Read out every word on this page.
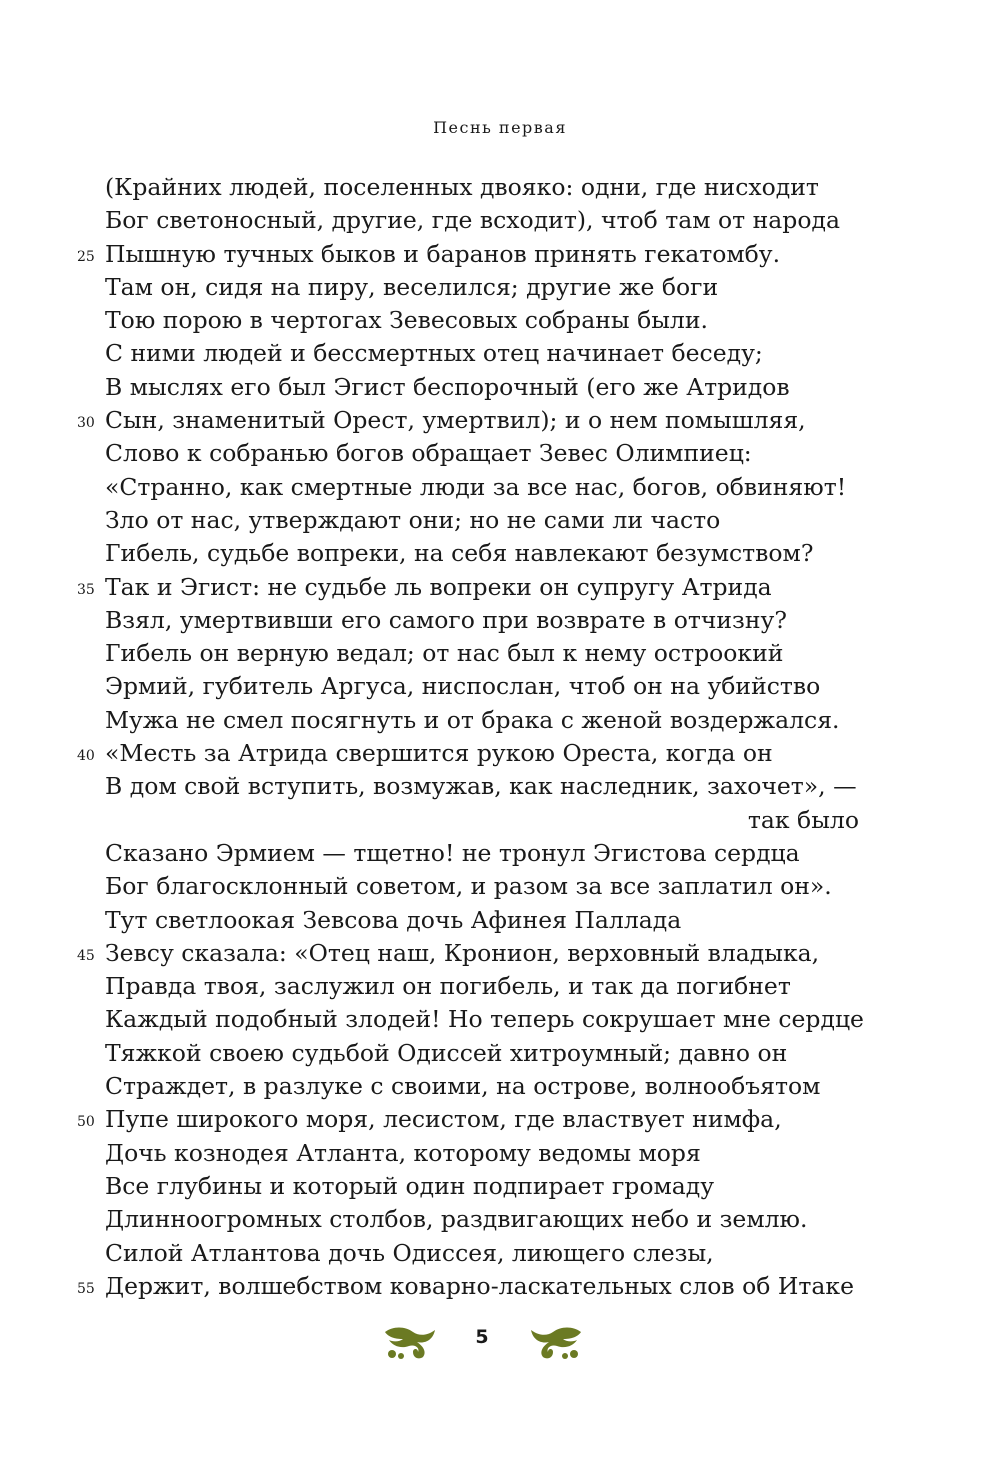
Песнь первая
(Крайних людей, поселенных двояко: одни, где нисходит
Бог светоносный, другие, где всходит), чтоб там от народа
25 Пышную тучных быков и баранов принять гекатомбу.
Там он, сидя на пиру, веселился; другие же боги
Тою порою в чертогах Зевесовых собраны были.
С ними людей и бессмертных отец начинает беседу;
В мыслях его был Эгист беспорочный (его же Атридов
30 Сын, знаменитый Орест, умертвил); и о нем помышляя,
Слово к собранью богов обращает Зевес Олимпиец:
«Странно, как смертные люди за все нас, богов, обвиняют!
Зло от нас, утверждают они; но не сами ли часто
Гибель, судьбе вопреки, на себя навлекают безумством?
35 Так и Эгист: не судьбе ль вопреки он супругу Атрида
Взял, умертвивши его самого при возврате в отчизну?
Гибель он верную ведал; от нас был к нему остроокий
Эрмий, губитель Аргуса, ниспослан, чтоб он на убийство
Мужа не смел посягнуть и от брака с женой воздержался.
40 «Месть за Атрида свершится рукою Ореста, когда он
В дом свой вступить, возмужав, как наследник, захочет», —
так было
Сказано Эрмием — тщетно! не тронул Эгистова сердца
Бог благосклонный советом, и разом за все заплатил он».
Тут светлоокая Зевсова дочь Афинея Паллада
45 Зевсу сказала: «Отец наш, Кронион, верховный владыка,
Правда твоя, заслужил он погибель, и так да погибнет
Каждый подобный злодей! Но теперь сокрушает мне сердце
Тяжкой своею судьбой Одиссей хитроумный; давно он
Страждет, в разлуке с своими, на острове, волнообъятом
50 Пупе широкого моря, лесистом, где властвует нимфа,
Дочь козн​одея Атланта, которому ведомы моря
Все глубины и который один подпирает громаду
Длинноогромных столбов, раздвигающих небо и землю.
Силой Атлантова дочь Одиссея, лиющего слезы,
55 Держит, волшебством коварно-ласкательных слов об Итаке
5
